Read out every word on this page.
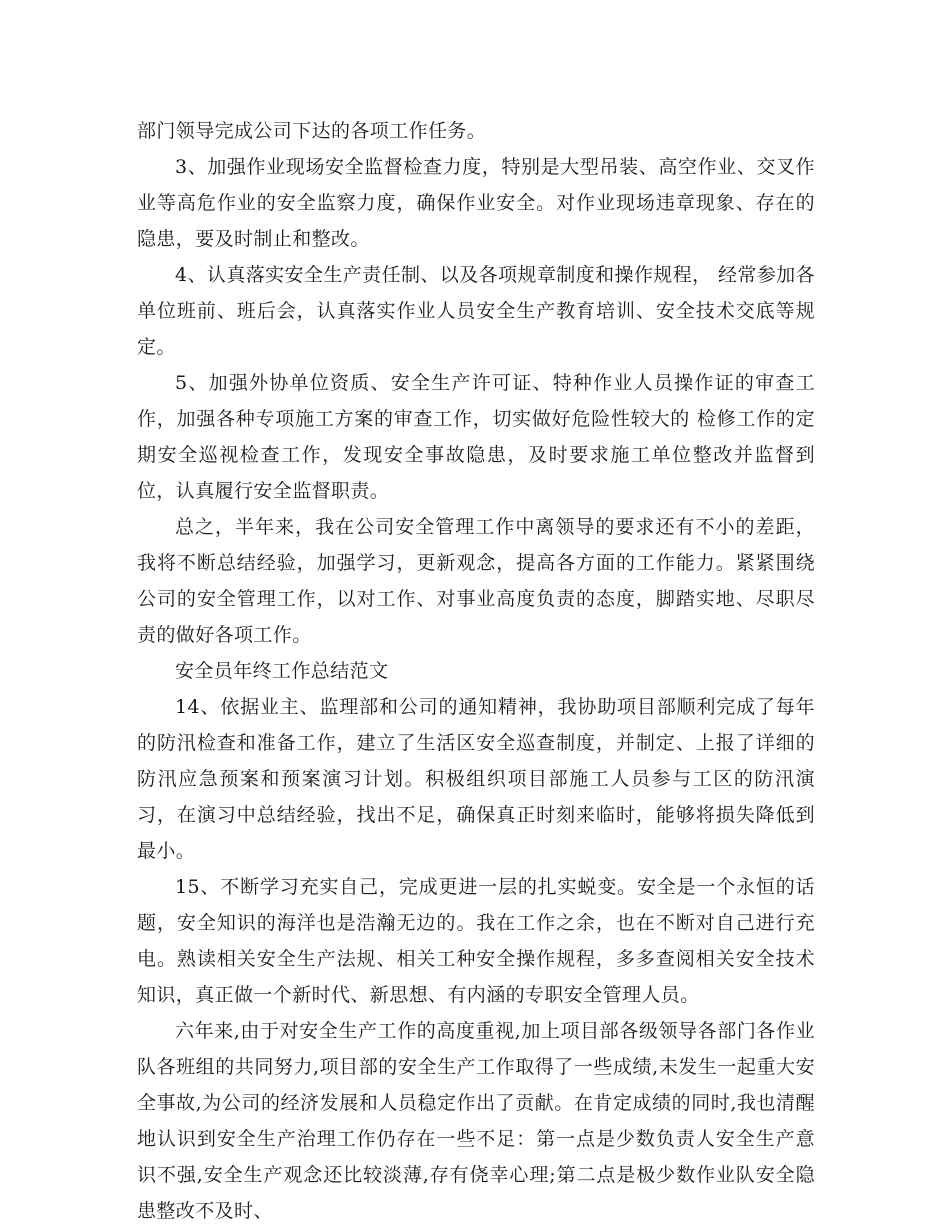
部门领导完成公司下达的各项工作任务。

3、加强作业现场安全监督检查力度，特别是大型吊装、高空作业、交叉作业等高危作业的安全监察力度，确保作业安全。对作业现场违章现象、存在的隐患，要及时制止和整改。

4、认真落实安全生产责任制、以及各项规章制度和操作规程， 经常参加各单位班前、班后会，认真落实作业人员安全生产教育培训、安全技术交底等规定。

5、加强外协单位资质、安全生产许可证、特种作业人员操作证的审查工作，加强各种专项施工方案的审查工作，切实做好危险性较大的 检修工作的定期安全巡视检查工作，发现安全事故隐患，及时要求施工单位整改并监督到位，认真履行安全监督职责。

总之，半年来，我在公司安全管理工作中离领导的要求还有不小的差距，我将不断总结经验，加强学习，更新观念，提高各方面的工作能力。紧紧围绕公司的安全管理工作，以对工作、对事业高度负责的态度，脚踏实地、尽职尽责的做好各项工作。

安全员年终工作总结范文

14、依据业主、监理部和公司的通知精神，我协助项目部顺利完成了每年的防汛检查和准备工作，建立了生活区安全巡查制度，并制定、上报了详细的防汛应急预案和预案演习计划。积极组织项目部施工人员参与工区的防汛演习，在演习中总结经验，找出不足，确保真正时刻来临时，能够将损失降低到最小。

15、不断学习充实自己，完成更进一层的扎实蜕变。安全是一个永恒的话题，安全知识的海洋也是浩瀚无边的。我在工作之余，也在不断对自己进行充电。熟读相关安全生产法规、相关工种安全操作规程，多多查阅相关安全技术知识，真正做一个新时代、新思想、有内涵的专职安全管理人员。

六年来,由于对安全生产工作的高度重视,加上项目部各级领导各部门各作业队各班组的共同努力,项目部的安全生产工作取得了一些成绩,未发生一起重大安全事故,为公司的经济发展和人员稳定作出了贡献。在肯定成绩的同时,我也清醒地认识到安全生产治理工作仍存在一些不足：第一点是少数负责人安全生产意识不强,安全生产观念还比较淡薄,存有侥幸心理;第二点是极少数作业队安全隐患整改不及时、
